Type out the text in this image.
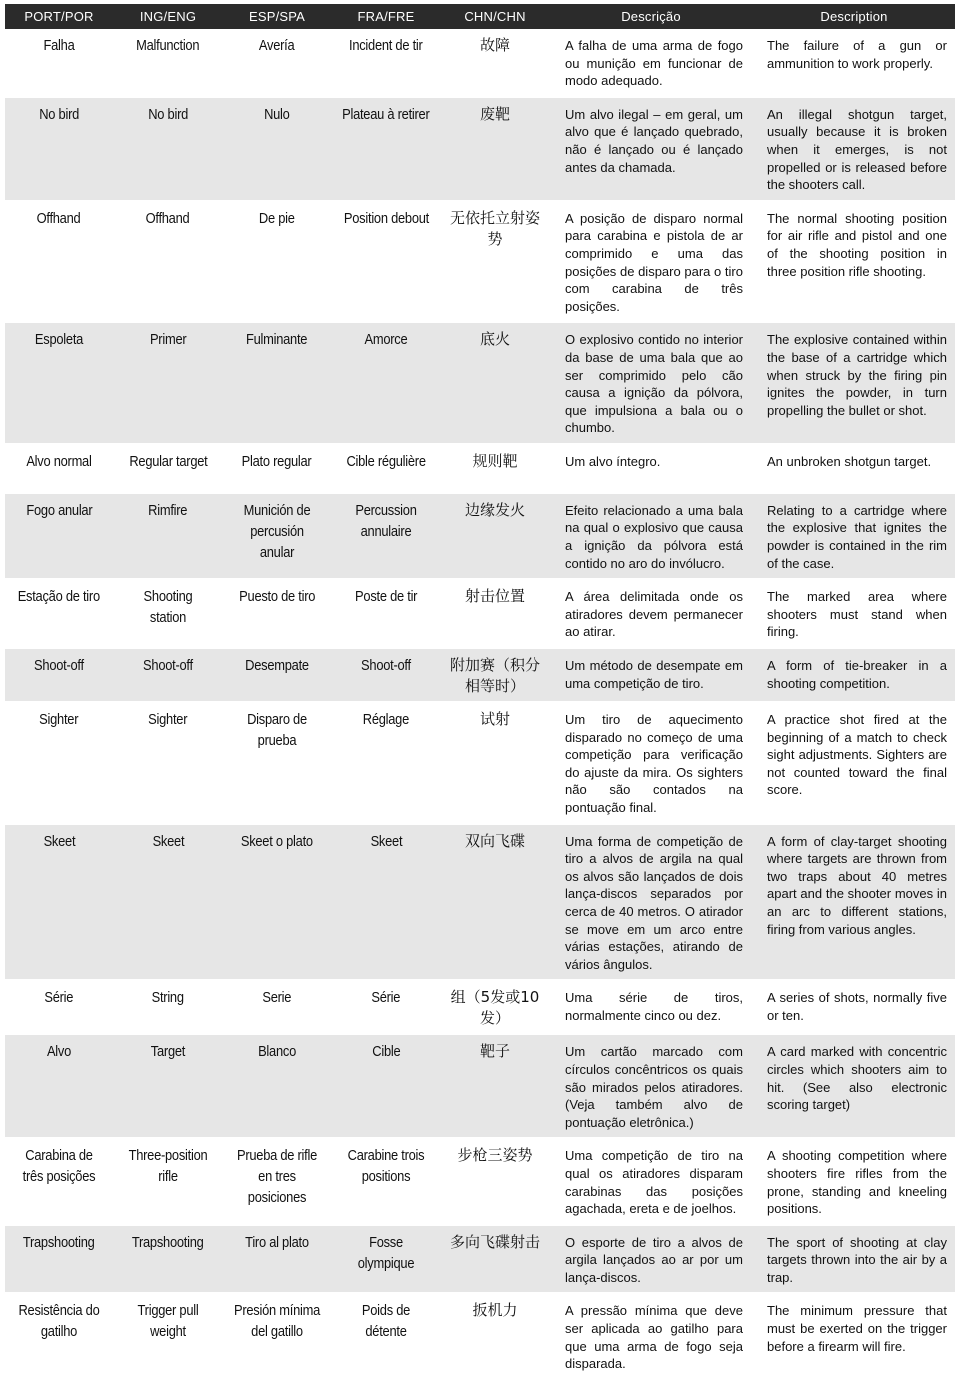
PORT/POR	ING/ENG	ESP/SPA	FRA/FRE	CHN/CHN	Descrição	Description
Falha	Malfunction	Avería	Incident de tir	故障	A falha de uma arma de fogo ou munição em funcionar de modo adequado.	The failure of a gun or ammunition to work properly.
No bird	No bird	Nulo	Plateau à retirer	废靶	Um alvo ilegal – em geral, um alvo que é lançado quebrado, não é lançado ou é lançado antes da chamada.	An illegal shotgun target, usually because it is broken when it emerges, is not propelled or is released before the shooters call.
Offhand	Offhand	De pie	Position debout	无依托立射姿势	A posição de disparo normal para carabina e pistola de ar comprimido e uma das posições de disparo para o tiro com carabina de três posições.	The normal shooting position for air rifle and pistol and one of the shooting position in three position rifle shooting.
Espoleta	Primer	Fulminante	Amorce	底火	O explosivo contido no interior da base de uma bala que ao ser comprimido pelo cão causa a ignição da pólvora, que impulsiona a bala ou o chumbo.	The explosive contained within the base of a cartridge which when struck by the firing pin ignites the powder, in turn propelling the bullet or shot.
Alvo normal	Regular target	Plato regular	Cible régulière	规则靶	Um alvo íntegro.	An unbroken shotgun target.
Fogo anular	Rimfire	Munición de percusión anular	Percussion annulaire	边缘发火	Efeito relacionado a uma bala na qual o explosivo que causa a ignição da pólvora está contido no aro do invólucro.	Relating to a cartridge where the explosive that ignites the powder is contained in the rim of the case.
Estação de tiro	Shooting station	Puesto de tiro	Poste de tir	射击位置	A área delimitada onde os atiradores devem permanecer ao atirar.	The marked area where shooters must stand when firing.
Shoot-off	Shoot-off	Desempate	Shoot-off	附加赛（积分相等时）	Um método de desempate em uma competição de tiro.	A form of tie-breaker in a shooting competition.
Sighter	Sighter	Disparo de prueba	Réglage	试射	Um tiro de aquecimento disparado no começo de uma competição para verificação do ajuste da mira. Os sighters não são contados na pontuação final.	A practice shot fired at the beginning of a match to check sight adjustments. Sighters are not counted toward the final score.
Skeet	Skeet	Skeet o plato	Skeet	双向飞碟	Uma forma de competição de tiro a alvos de argila na qual os alvos são lançados de dois lança-discos separados por cerca de 40 metros. O atirador se move em um arco entre várias estações, atirando de vários ângulos.	A form of clay-target shooting where targets are thrown from two traps about 40 metres apart and the shooter moves in an arc to different stations, firing from various angles.
Série	String	Serie	Série	组（5发或10发）	Uma série de tiros, normalmente cinco ou dez.	A series of shots, normally five or ten.
Alvo	Target	Blanco	Cible	靶子	Um cartão marcado com círculos concêntricos os quais são mirados pelos atiradores. (Veja também alvo de pontuação eletrônica.)	A card marked with concentric circles which shooters aim to hit. (See also electronic scoring target)
Carabina de três posições	Three-position rifle	Prueba de rifle en tres posiciones	Carabine trois positions	步枪三姿势	Uma competição de tiro na qual os atiradores disparam carabinas das posições agachada, ereta e de joelhos.	A shooting competition where shooters fire rifles from the prone, standing and kneeling positions.
Trapshooting	Trapshooting	Tiro al plato	Fosse olympique	多向飞碟射击	O esporte de tiro a alvos de argila lançados ao ar por um lança-discos.	The sport of shooting at clay targets thrown into the air by a trap.
Resistência do gatilho	Trigger pull weight	Presión mínima del gatillo	Poids de détente	扳机力	A pressão mínima que deve ser aplicada ao gatilho para que uma arma de fogo seja disparada.	The minimum pressure that must be exerted on the trigger before a firearm will fire.
